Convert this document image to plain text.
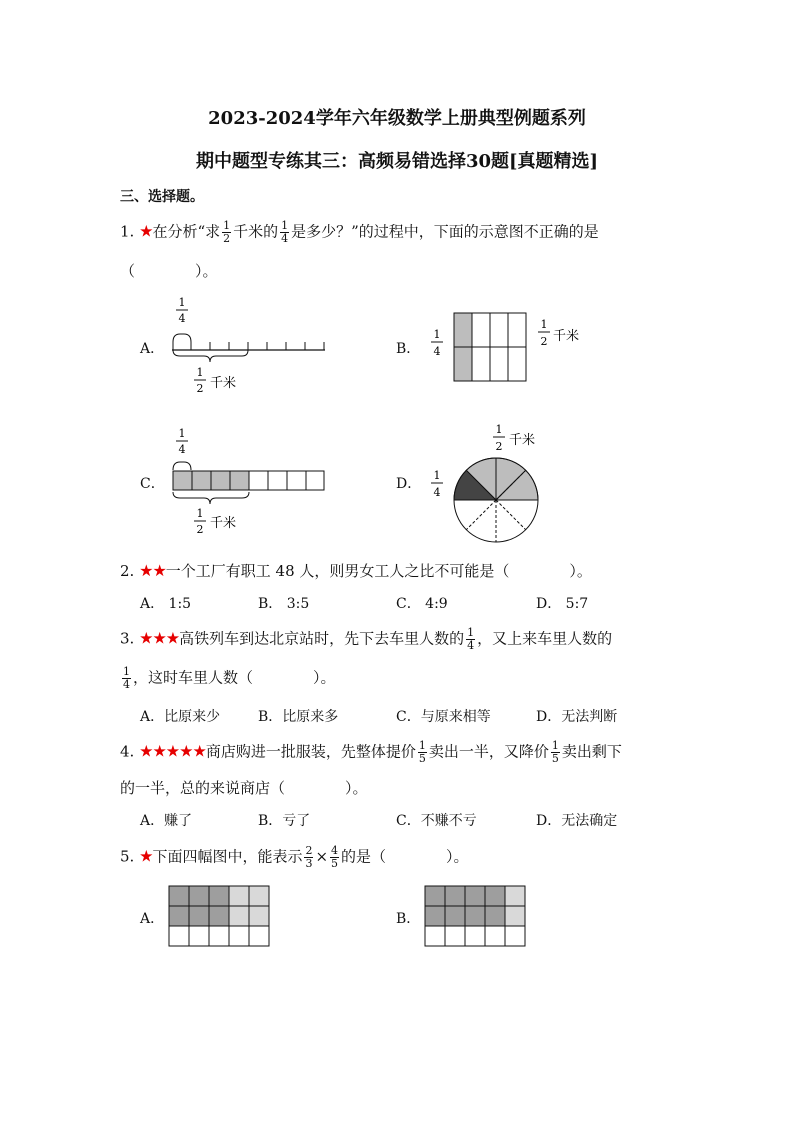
2023-2024学年六年级数学上册典型例题系列
期中题型专练其三：高频易错选择30题[真题精选]
三、选择题。
1. ★在分析“求 $\frac{1}{2}$ 千米的 $\frac{1}{4}$ 是多少？”的过程中，下面的示意图不正确的是
（　　　　）。
A．	B．
C．	D．
1
4
1
2 千米
1
4
1
2 千米
1
4
1
2 千米
1
2 千米
1
4
2. ★★一个工厂有职工 48 人，则男女工人之比不可能是（　　　　）。
A． 1:5	B． 3:5	C． 4:9	D． 5:7
3. ★★★高铁列车到达北京站时，先下去车里人数的 $\frac{1}{4}$ ，又上来车里人数的
$\frac{1}{4}$ ，这时车里人数（　　　　）。
A．比原来少	B．比原来多	C．与原来相等	D．无法判断
4. ★★★★★商店购进一批服装，先整体提价 $\frac{1}{5}$ 卖出一半，又降价 $\frac{1}{5}$ 卖出剩下
的一半，总的来说商店（　　　　）。
A．赚了	B．亏了	C．不赚不亏	D．无法确定
5. ★下面四幅图中，能表示 $\frac{2}{3} \times \frac{4}{5}$ 的是（　　　　）。
A．	B．
